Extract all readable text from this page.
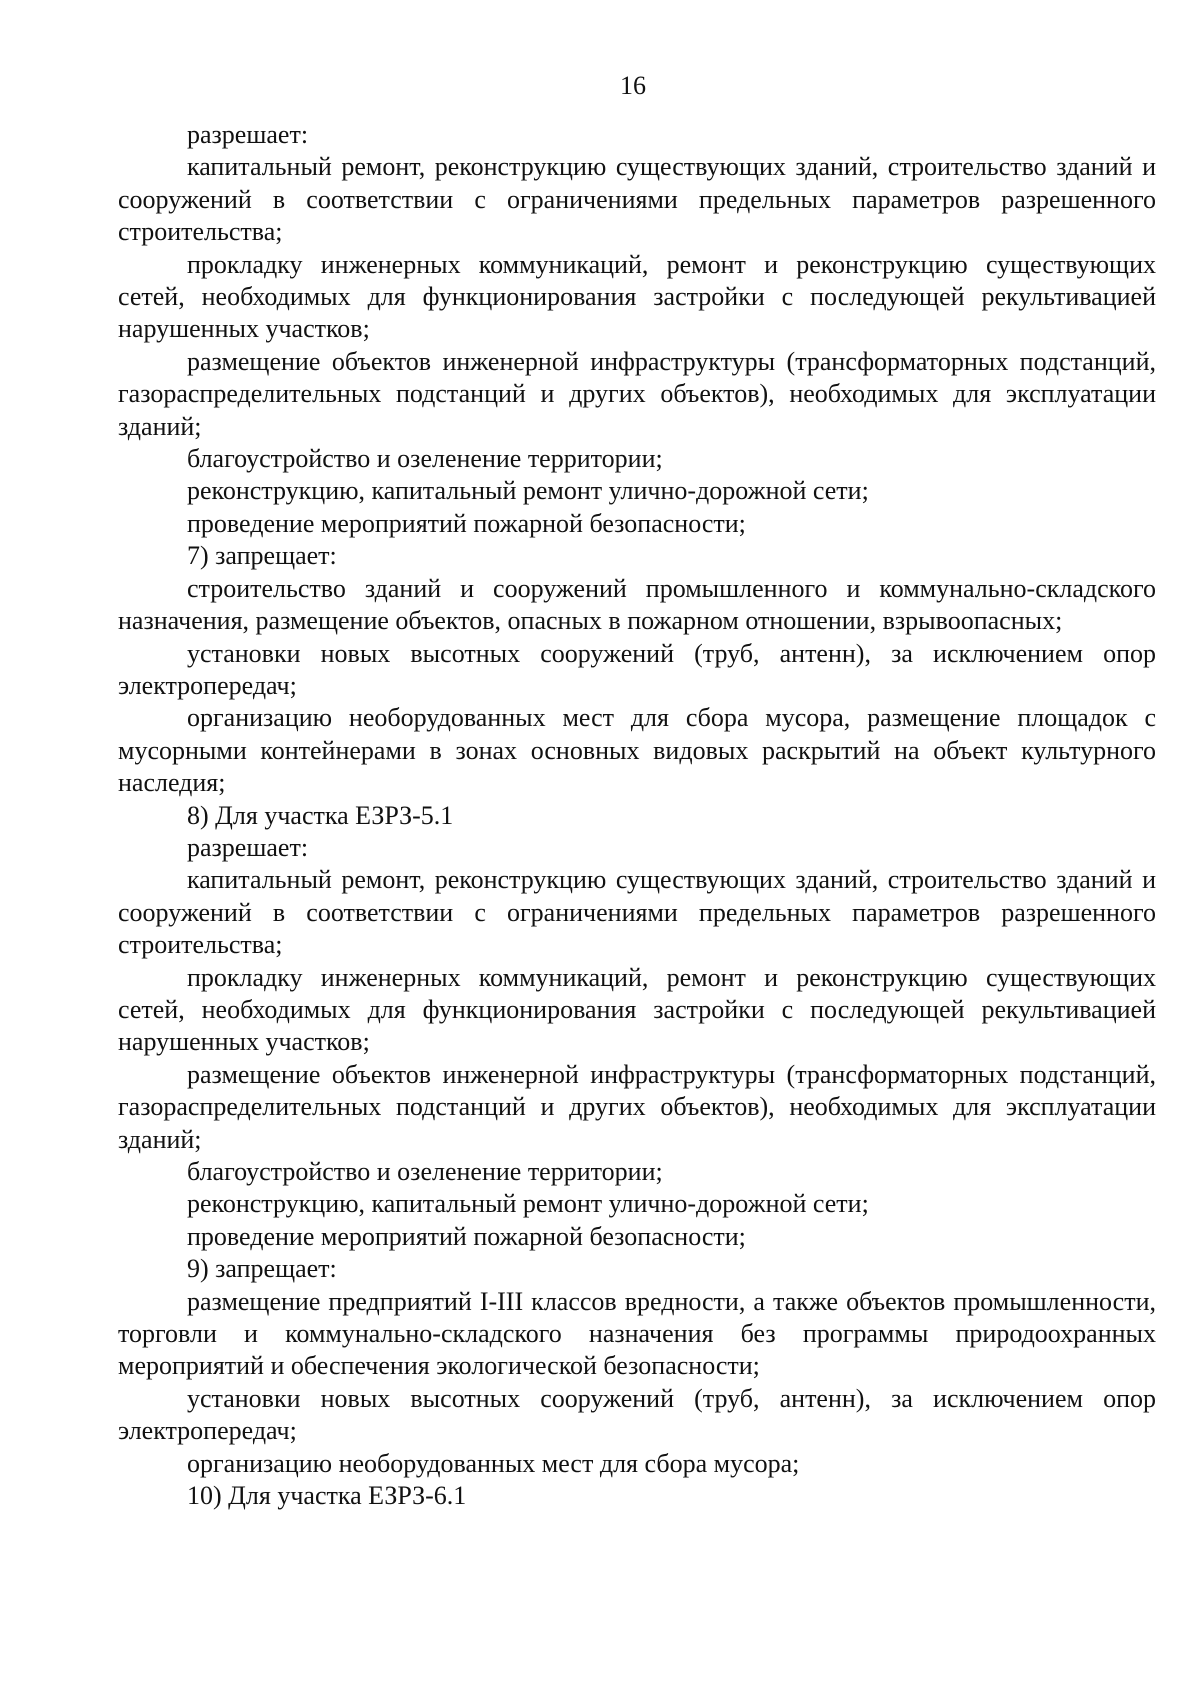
16

разрешает:

капитальный ремонт, реконструкцию существующих зданий, строительство зданий и сооружений в соответствии с ограничениями предельных параметров разрешенного строительства;

прокладку инженерных коммуникаций, ремонт и реконструкцию существующих сетей, необходимых для функционирования застройки с последующей рекультивацией нарушенных участков;

размещение объектов инженерной инфраструктуры (трансформаторных подстанций, газораспределительных подстанций и других объектов), необходимых для эксплуатации зданий;

благоустройство и озеленение территории;

реконструкцию, капитальный ремонт улично-дорожной сети;

проведение мероприятий пожарной безопасности;

7) запрещает:

строительство зданий и сооружений промышленного и коммунально-складского назначения, размещение объектов, опасных в пожарном отношении, взрывоопасных;

установки новых высотных сооружений (труб, антенн), за исключением опор электропередач;

организацию необорудованных мест для сбора мусора, размещение площадок с мусорными контейнерами в зонах основных видовых раскрытий на объект культурного наследия;

8) Для участка ЕЗРЗ-5.1

разрешает:

капитальный ремонт, реконструкцию существующих зданий, строительство зданий и сооружений в соответствии с ограничениями предельных параметров разрешенного строительства;

прокладку инженерных коммуникаций, ремонт и реконструкцию существующих сетей, необходимых для функционирования застройки с последующей рекультивацией нарушенных участков;

размещение объектов инженерной инфраструктуры (трансформаторных подстанций, газораспределительных подстанций и других объектов), необходимых для эксплуатации зданий;

благоустройство и озеленение территории;

реконструкцию, капитальный ремонт улично-дорожной сети;

проведение мероприятий пожарной безопасности;

9) запрещает:

размещение предприятий I-III классов вредности, а также объектов промышленности, торговли и коммунально-складского назначения без программы природоохранных мероприятий и обеспечения экологической безопасности;

установки новых высотных сооружений (труб, антенн), за исключением опор электропередач;

организацию необорудованных мест для сбора мусора;

10) Для участка ЕЗРЗ-6.1
